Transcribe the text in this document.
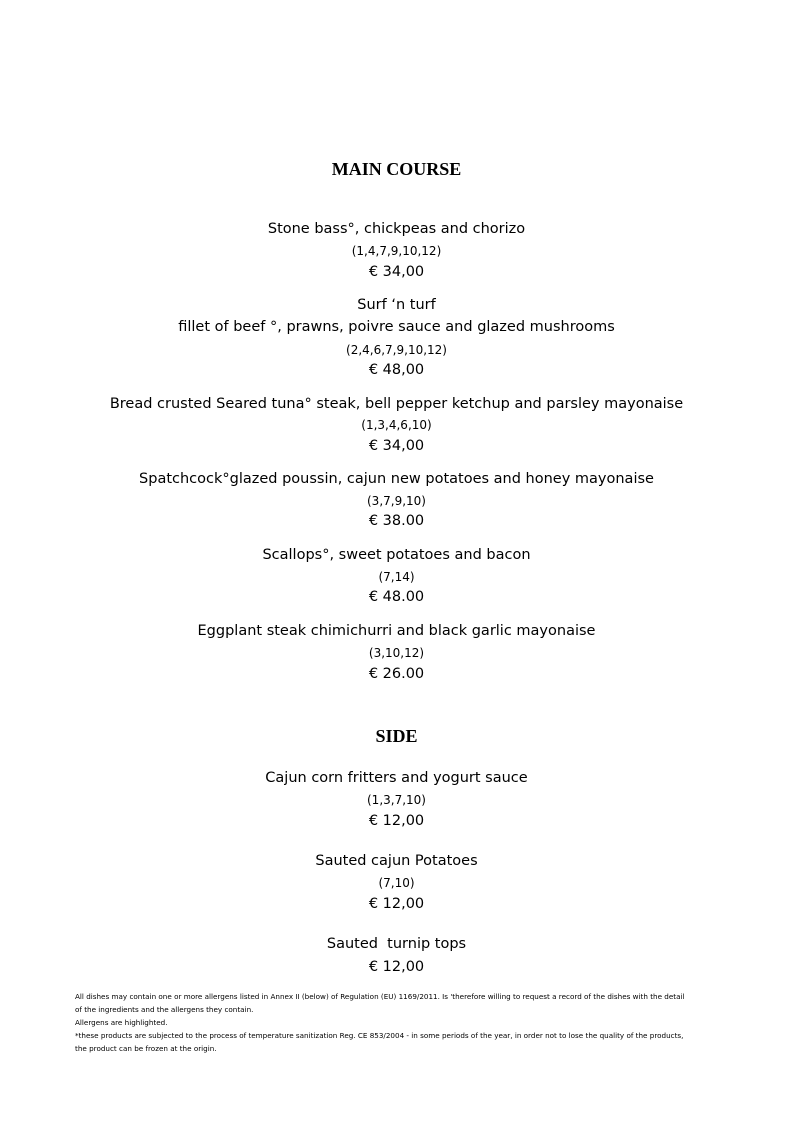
MAIN COURSE
Stone bass°, chickpeas and chorizo
(1,4,7,9,10,12)
€ 34,00
Surf ‘n turf
fillet of beef °, prawns, poivre sauce and glazed mushrooms
(2,4,6,7,9,10,12)
€ 48,00
Bread crusted Seared tuna° steak, bell pepper ketchup and parsley mayonaise
(1,3,4,6,10)
€ 34,00
Spatchcock°glazed poussin, cajun new potatoes and honey mayonaise
(3,7,9,10)
€ 38.00
Scallops°, sweet potatoes and bacon
(7,14)
€ 48.00
Eggplant steak chimichurri and black garlic mayonaise
(3,10,12)
€ 26.00
SIDE
Cajun corn fritters and yogurt sauce
(1,3,7,10)
€ 12,00
Sauted cajun Potatoes
(7,10)
€ 12,00
Sauted  turnip tops
€ 12,00
All dishes may contain one or more allergens listed in Annex II (below) of Regulation (EU) 1169/2011. Is 'therefore willing to request a record of the dishes with the detail
of the ingredients and the allergens they contain.
Allergens are highlighted.
*these products are subjected to the process of temperature sanitization Reg. CE 853/2004 - in some periods of the year, in order not to lose the quality of the products,
the product can be frozen at the origin.
